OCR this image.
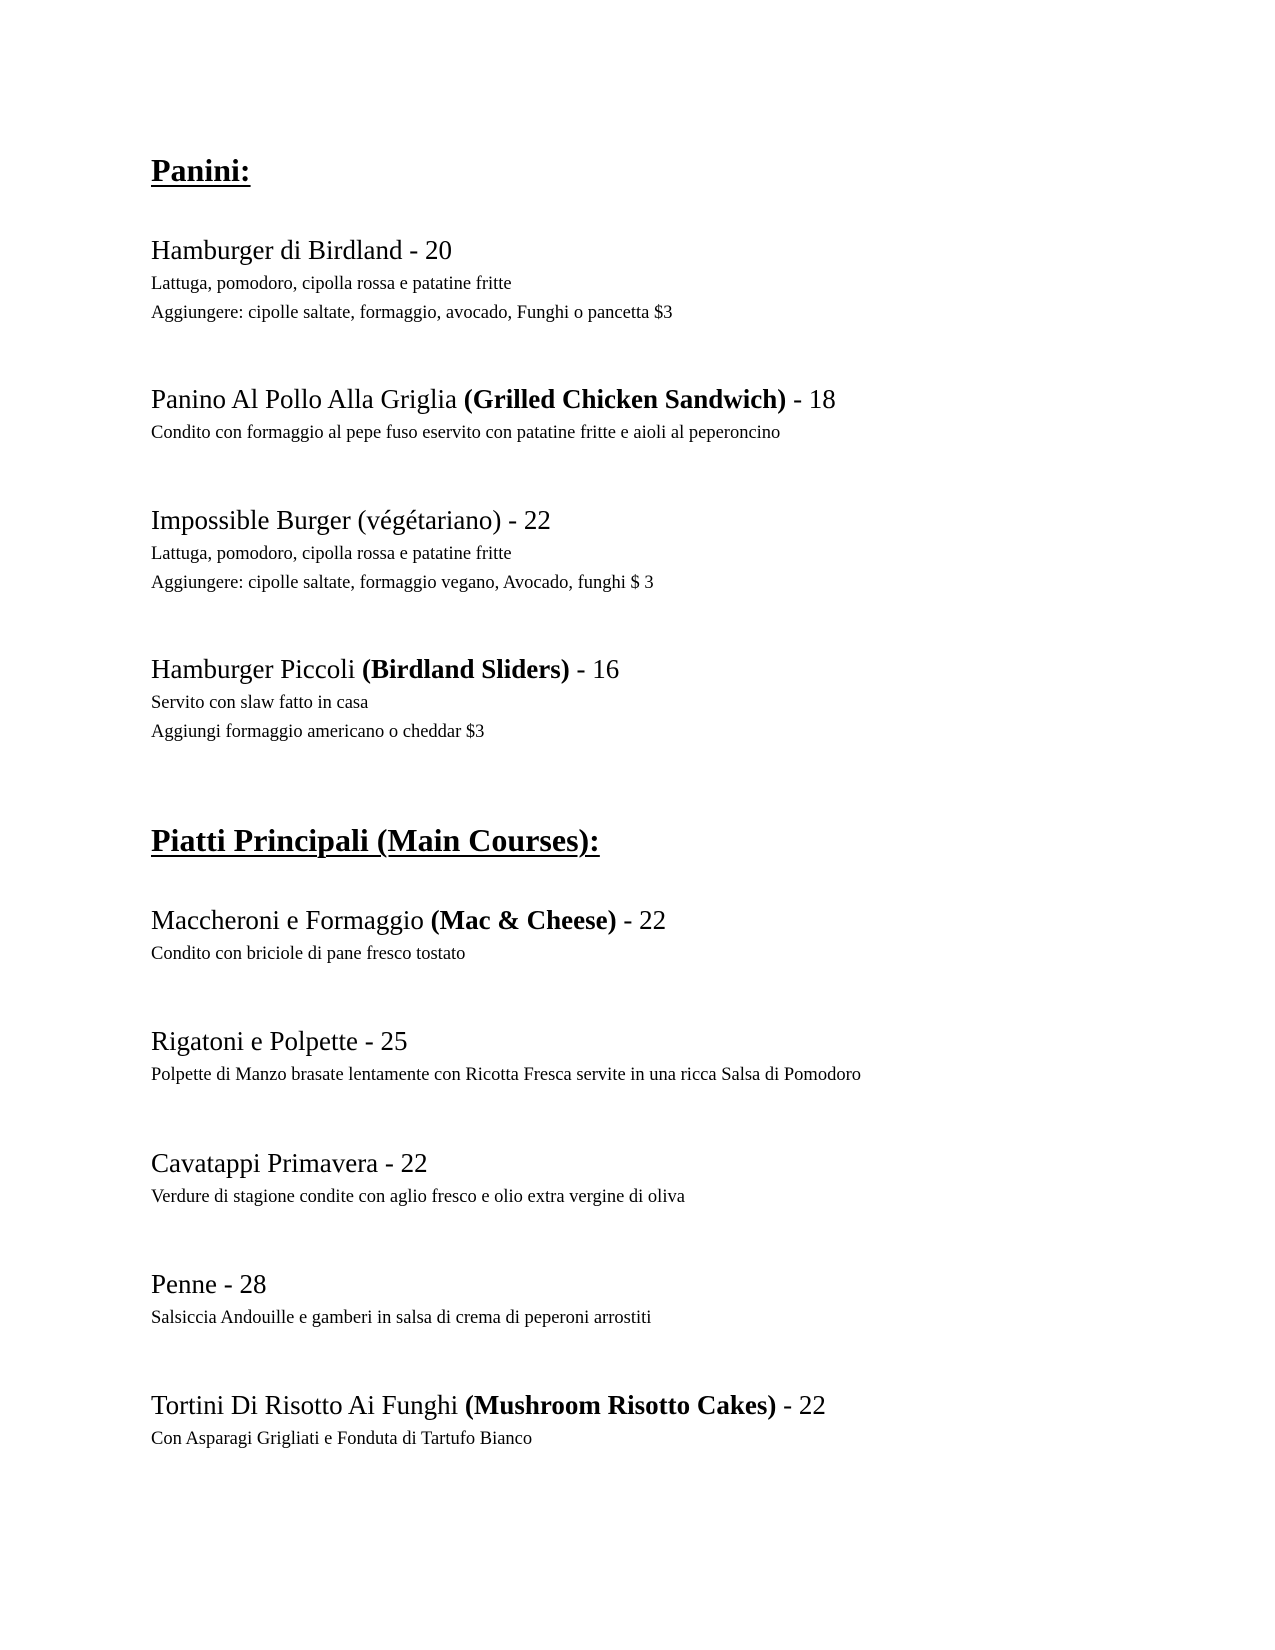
Panini:
Hamburger di Birdland - 20
Lattuga, pomodoro, cipolla rossa e patatine fritte
Aggiungere: cipolle saltate, formaggio, avocado, Funghi o pancetta $3
Panino Al Pollo Alla Griglia (Grilled Chicken Sandwich) - 18
Condito con formaggio al pepe fuso eservito con patatine fritte e aioli al peperoncino
Impossible Burger (végétariano) - 22
Lattuga, pomodoro, cipolla rossa e patatine fritte
Aggiungere: cipolle saltate, formaggio vegano, Avocado, funghi $ 3
Hamburger Piccoli (Birdland Sliders) - 16
Servito con slaw fatto in casa
Aggiungi formaggio americano o cheddar $3
Piatti Principali (Main Courses):
Maccheroni e Formaggio (Mac & Cheese) - 22
Condito con briciole di pane fresco tostato
Rigatoni e Polpette - 25
Polpette di Manzo brasate lentamente con Ricotta Fresca servite in una ricca Salsa di Pomodoro
Cavatappi Primavera - 22
Verdure di stagione condite con aglio fresco e olio extra vergine di oliva
Penne - 28
Salsiccia Andouille e gamberi in salsa di crema di peperoni arrostiti
Tortini Di Risotto Ai Funghi (Mushroom Risotto Cakes) - 22
Con Asparagi Grigliati e Fonduta di Tartufo Bianco
